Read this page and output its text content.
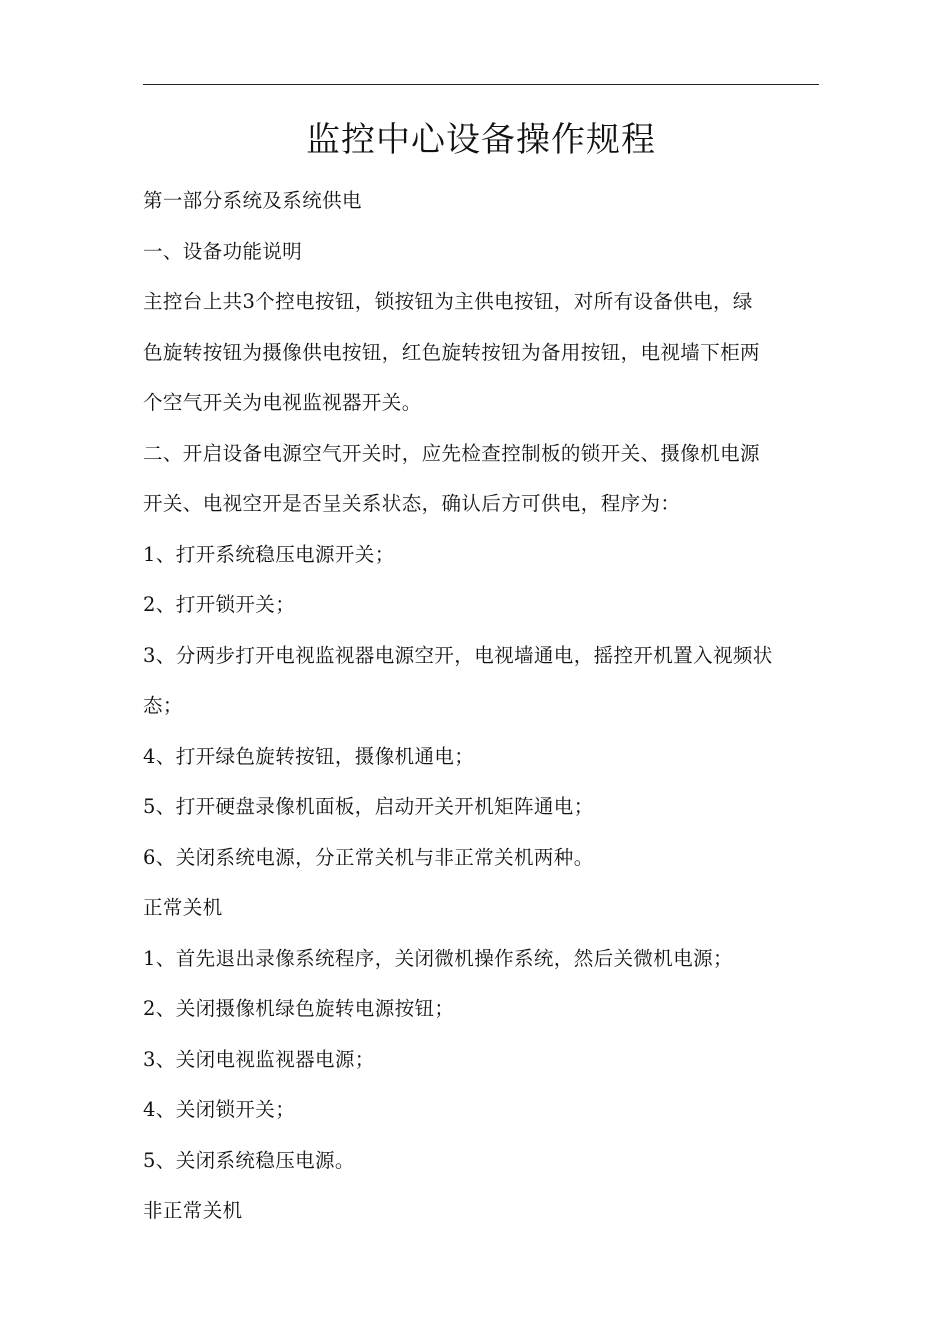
监控中心设备操作规程
第一部分系统及系统供电
一、设备功能说明
主控台上共3个控电按钮，锁按钮为主供电按钮，对所有设备供电，绿
色旋转按钮为摄像供电按钮，红色旋转按钮为备用按钮，电视墙下柜两
个空气开关为电视监视器开关。
二、开启设备电源空气开关时，应先检查控制板的锁开关、摄像机电源
开关、电视空开是否呈关系状态，确认后方可供电，程序为：
1、打开系统稳压电源开关；
2、打开锁开关；
3、分两步打开电视监视器电源空开，电视墙通电，摇控开机置入视频状
态；
4、打开绿色旋转按钮，摄像机通电；
5、打开硬盘录像机面板，启动开关开机矩阵通电；
6、关闭系统电源，分正常关机与非正常关机两种。
正常关机
1、首先退出录像系统程序，关闭微机操作系统，然后关微机电源；
2、关闭摄像机绿色旋转电源按钮；
3、关闭电视监视器电源；
4、关闭锁开关；
5、关闭系统稳压电源。
非正常关机
